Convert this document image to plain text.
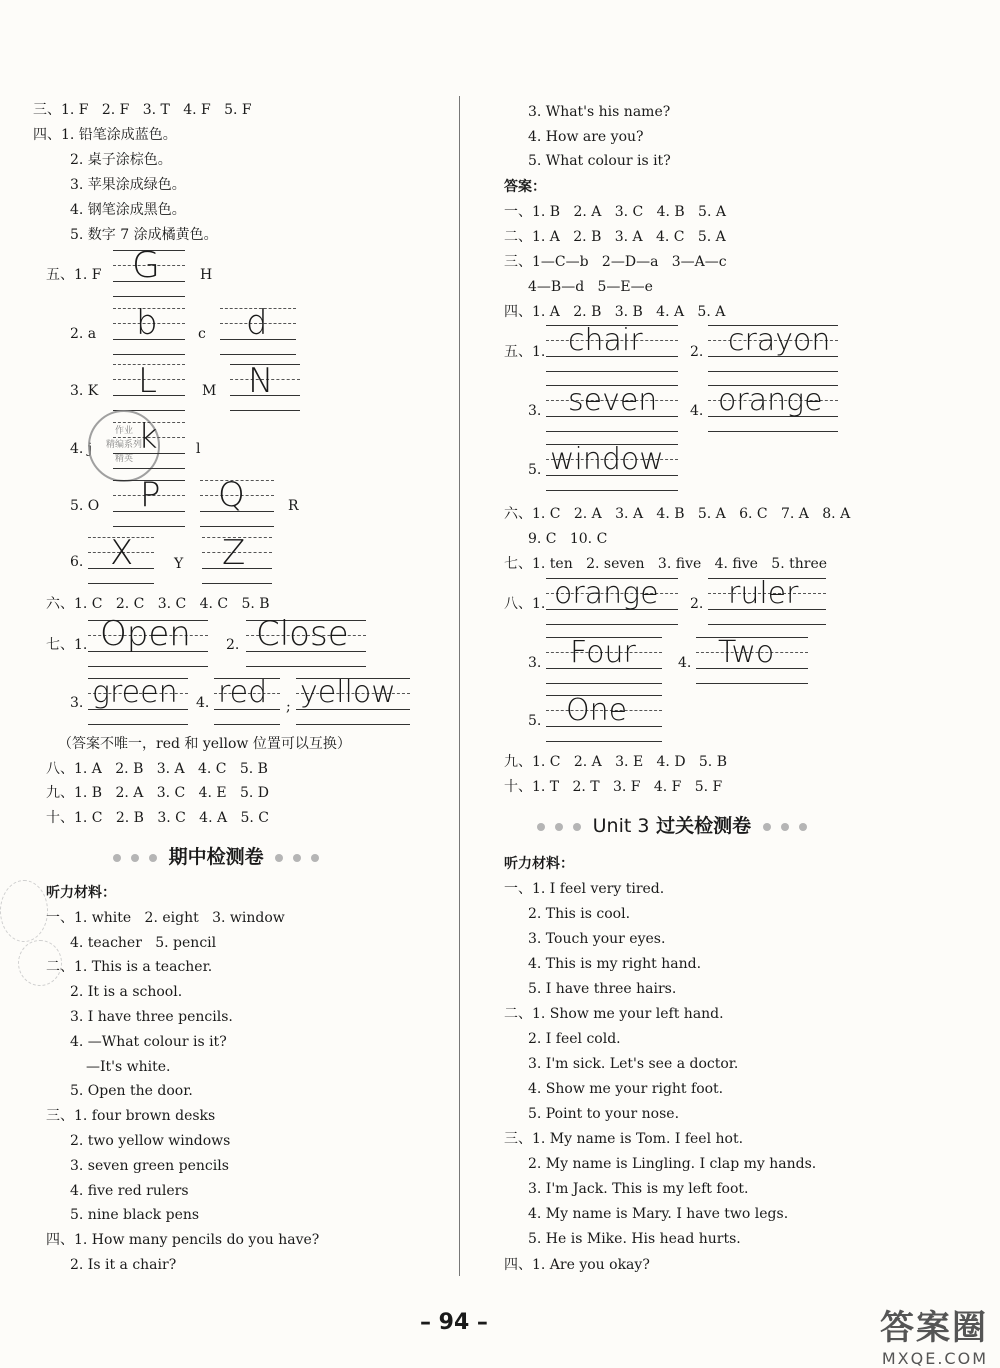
三、1. F   2. F   3. T   4. F   5. F
四、1. 铅笔涂成蓝色。
2. 桌子涂棕色。
3. 苹果涂成绿色。
4. 钢笔涂成黑色。
5. 数字 7 涂成橘黄色。
五、1. F G	H
2. a b	c d
3. K L	M N
4. j
作业
精编系列
精英
k	l
5. O P Q	R
6. X	Y Z
六、1. C   2. C   3. C   4. C   5. B
七、1. Open	2. Close
3. green 4. red ; yellow
（答案不唯一，red 和 yellow 位置可以互换）
八、1. A   2. B   3. A   4. C   5. B
九、1. B   2. A   3. C   4. E   5. D
十、1. C   2. B   3. C   4. A   5. C
期中检测卷
听力材料：
一、1. white   2. eight   3. window
4. teacher   5. pencil
二、1. This is a teacher.
2. It is a school.
3. I have three pencils.
4. —What colour is it?
—It's white.
5. Open the door.
三、1. four brown desks
2. two yellow windows
3. seven green pencils
4. five red rulers
5. nine black pens
四、1. How many pencils do you have?
2. Is it a chair?
3. What's his name?
4. How are you?
5. What colour is it?
答案：
一、1. B   2. A   3. C   4. B   5. A
二、1. A   2. B   3. A   4. C   5. A
三、1—C—b   2—D—a   3—A—c
4—B—d   5—E—e
四、1. A   2. B   3. B   4. A   5. A
五、1. chair	2. crayon
3. seven 4. orange
5. window
六、1. C   2. A   3. A   4. B   5. A   6. C   7. A   8. A
9. C   10. C
七、1. ten   2. seven   3. five   4. five   5. three
八、1. orange 2. ruler
3. Four	4. Two
5. One
九、1. C   2. A   3. E   4. D   5. B
十、1. T   2. T   3. F   4. F   5. F
Unit 3 过关检测卷
听力材料：
一、1. I feel very tired.
2. This is cool.
3. Touch your eyes.
4. This is my right hand.
5. I have three hairs.
二、1. Show me your left hand.
2. I feel cold.
3. I'm sick. Let's see a doctor.
4. Show me your right foot.
5. Point to your nose.
三、1. My name is Tom. I feel hot.
2. My name is Lingling. I clap my hands.
3. I'm Jack. This is my left foot.
4. My name is Mary. I have two legs.
5. He is Mike. His head hurts.
四、1. Are you okay?
– 94 –	答案圈
MXQE.COM
